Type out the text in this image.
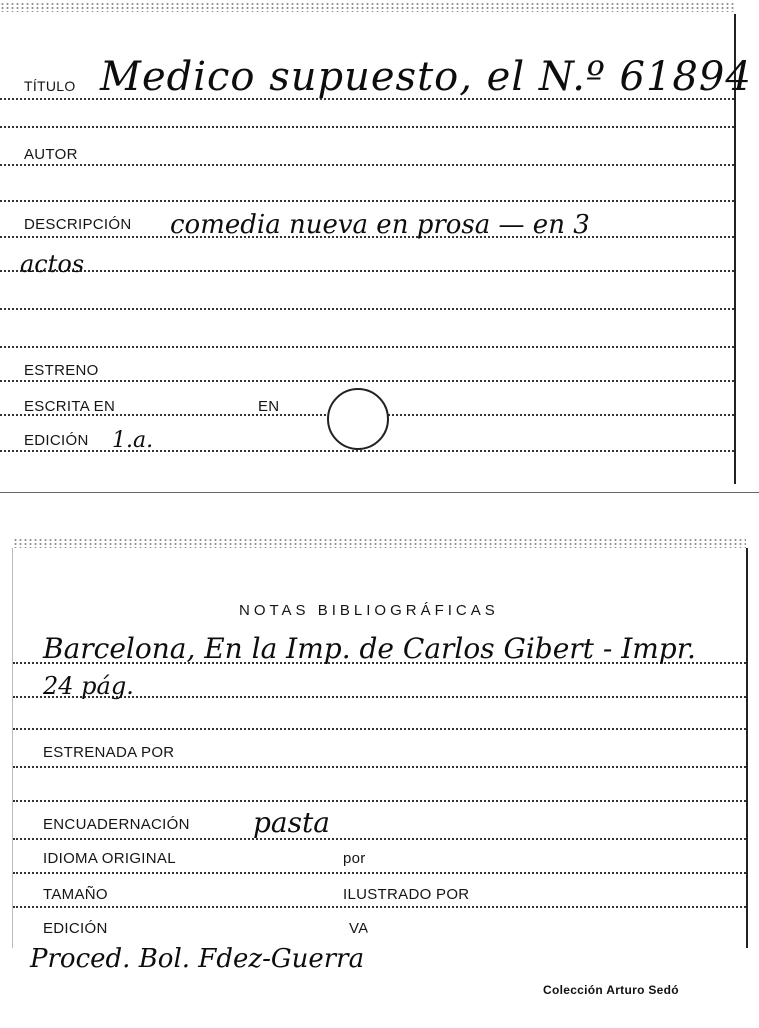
TÍTULO Medico supuesto, el N.º 61894
AUTOR
DESCRIPCIÓN comedia nueva en prosa — en 3
actos
ESTRENO
ESCRITA EN	EN
EDICIÓN 1.a.
NOTAS BIBLIOGRÁFICAS
Barcelona, En la Imp. de Carlos Gibert - Impr.
24 pág.
ESTRENADA POR
ENCUADERNACIÓN pasta
IDIOMA ORIGINAL	por
TAMAÑO	ILUSTRADO POR
EDICIÓN	VA
Proced. Bol. Fdez-Guerra
Colección Arturo Sedó
